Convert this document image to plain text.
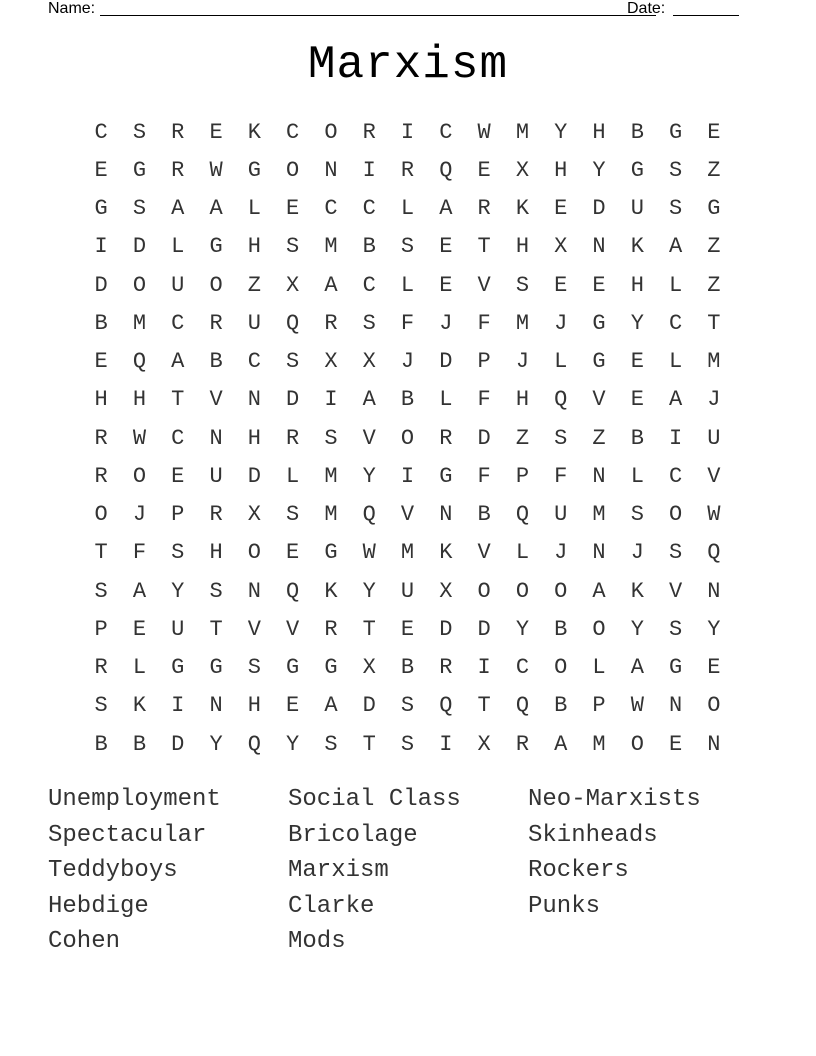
Name:	Date:
Marxism
C	S	R	E	K	C	O	R	I	C	W	M	Y	H	B	G	E
E	G	R	W	G	O	N	I	R	Q	E	X	H	Y	G	S	Z
G	S	A	A	L	E	C	C	L	A	R	K	E	D	U	S	G
I	D	L	G	H	S	M	B	S	E	T	H	X	N	K	A	Z
D	O	U	O	Z	X	A	C	L	E	V	S	E	E	H	L	Z
B	M	C	R	U	Q	R	S	F	J	F	M	J	G	Y	C	T
E	Q	A	B	C	S	X	X	J	D	P	J	L	G	E	L	M
H	H	T	V	N	D	I	A	B	L	F	H	Q	V	E	A	J
R	W	C	N	H	R	S	V	O	R	D	Z	S	Z	B	I	U
R	O	E	U	D	L	M	Y	I	G	F	P	F	N	L	C	V
O	J	P	R	X	S	M	Q	V	N	B	Q	U	M	S	O	W
T	F	S	H	O	E	G	W	M	K	V	L	J	N	J	S	Q
S	A	Y	S	N	Q	K	Y	U	X	O	O	O	A	K	V	N
P	E	U	T	V	V	R	T	E	D	D	Y	B	O	Y	S	Y
R	L	G	G	S	G	G	X	B	R	I	C	O	L	A	G	E
S	K	I	N	H	E	A	D	S	Q	T	Q	B	P	W	N	O
B	B	D	Y	Q	Y	S	T	S	I	X	R	A	M	O	E	N
Unemployment	Social Class	Neo-Marxists
Spectacular	Bricolage	Skinheads
Teddyboys	Marxism	Rockers
Hebdige	Clarke	Punks
Cohen	Mods
